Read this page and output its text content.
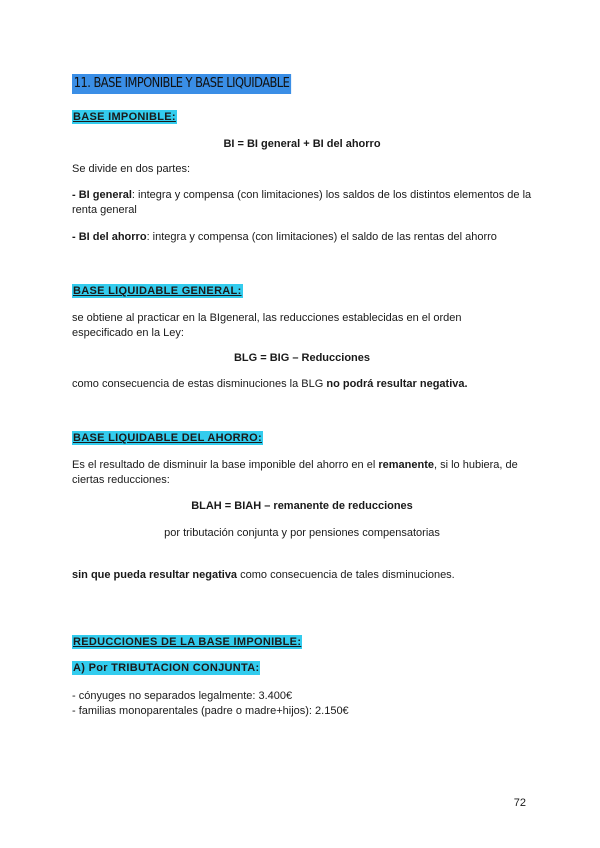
11. BASE IMPONIBLE Y BASE LIQUIDABLE
BASE IMPONIBLE:
BI = BI general + BI del ahorro
Se divide en dos partes:
- BI general: integra y compensa (con limitaciones) los saldos de los distintos elementos de la renta general
- BI del ahorro: integra y compensa (con limitaciones) el saldo de las rentas del ahorro
BASE LIQUIDABLE GENERAL:
se obtiene al practicar en la BIgeneral, las reducciones establecidas en el orden especificado en la Ley:
BLG = BIG – Reducciones
como consecuencia de estas disminuciones la BLG no podrá resultar negativa.
BASE LIQUIDABLE DEL AHORRO:
Es el resultado de disminuir la base imponible del ahorro en el remanente, si lo hubiera, de ciertas reducciones:
BLAH = BIAH – remanente de reducciones
por tributación conjunta y por pensiones compensatorias
sin que pueda resultar negativa como consecuencia de tales disminuciones.
REDUCCIONES DE LA BASE IMPONIBLE:
A) Por TRIBUTACION CONJUNTA:
- cónyuges no separados legalmente: 3.400€
- familias monoparentales (padre o madre+hijos): 2.150€
72
